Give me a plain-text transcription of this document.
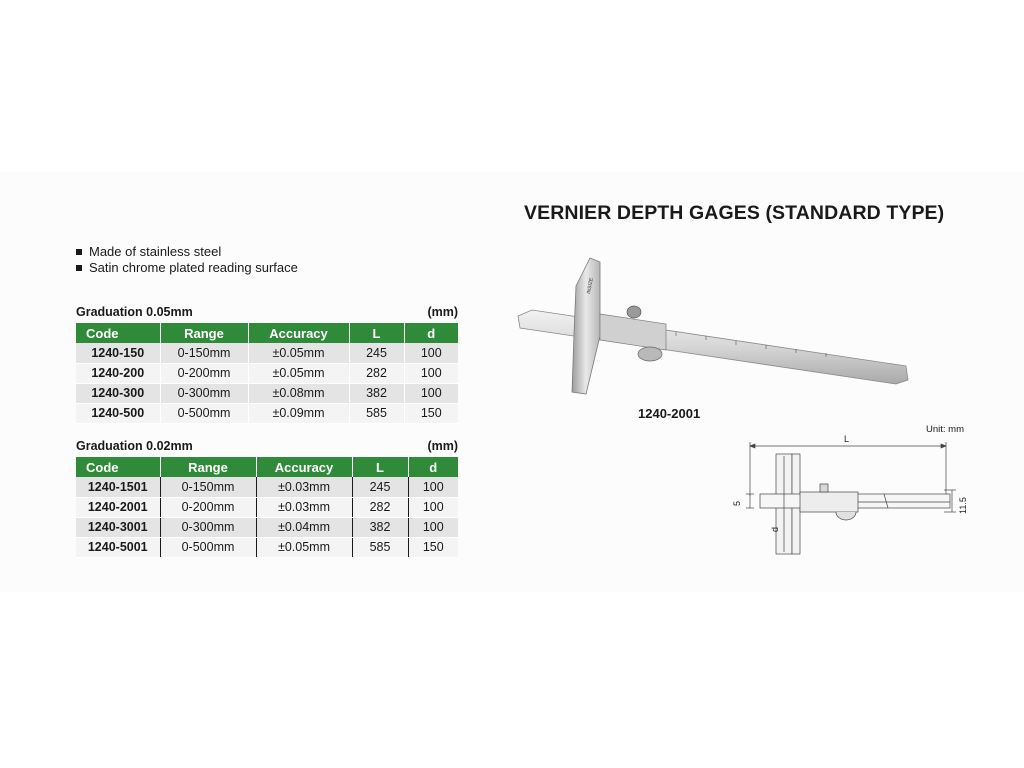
VERNIER DEPTH GAGES (STANDARD TYPE)
Made of stainless steel
Satin chrome plated reading surface
Graduation 0.05mm	(mm)
Code	Range	Accuracy	L	d
1240-150	0-150mm	±0.05mm	245	100
1240-200	0-200mm	±0.05mm	282	100
1240-300	0-300mm	±0.08mm	382	100
1240-500	0-500mm	±0.09mm	585	150
Graduation 0.02mm	(mm)
Code	Range	Accuracy	L	d
1240-1501	0-150mm	±0.03mm	245	100
1240-2001	0-200mm	±0.03mm	282	100
1240-3001	0-300mm	±0.04mm	382	100
1240-5001	0-500mm	±0.05mm	585	150
INSIZE
1240-2001
Unit: mm
L
d
5	11.5
